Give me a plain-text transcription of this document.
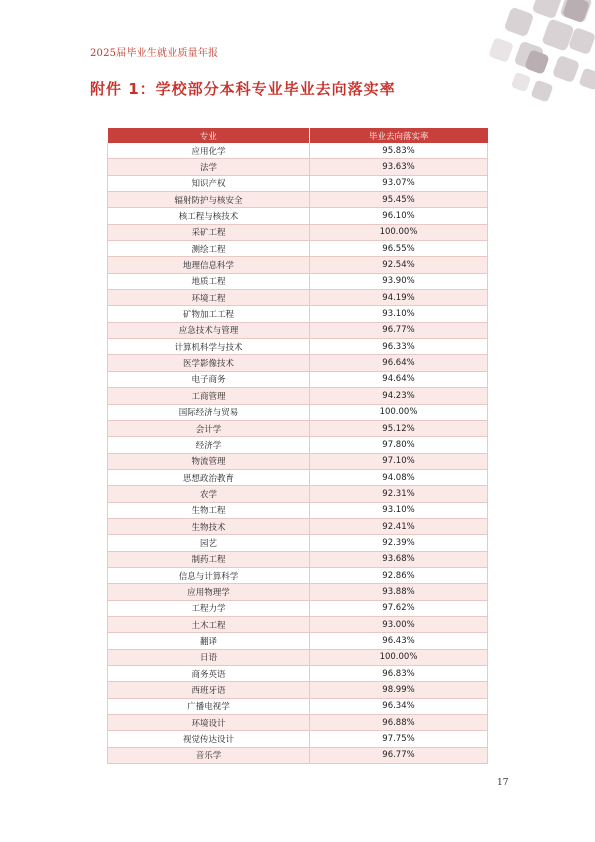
2025届毕业生就业质量年报
附件 1：学校部分本科专业毕业去向落实率
专业	毕业去向落实率
应用化学	95.83%
法学	93.63%
知识产权	93.07%
辐射防护与核安全	95.45%
核工程与核技术	96.10%
采矿工程	100.00%
测绘工程	96.55%
地理信息科学	92.54%
地质工程	93.90%
环境工程	94.19%
矿物加工工程	93.10%
应急技术与管理	96.77%
计算机科学与技术	96.33%
医学影像技术	96.64%
电子商务	94.64%
工商管理	94.23%
国际经济与贸易	100.00%
会计学	95.12%
经济学	97.80%
物流管理	97.10%
思想政治教育	94.08%
农学	92.31%
生物工程	93.10%
生物技术	92.41%
园艺	92.39%
制药工程	93.68%
信息与计算科学	92.86%
应用物理学	93.88%
工程力学	97.62%
土木工程	93.00%
翻译	96.43%
日语	100.00%
商务英语	96.83%
西班牙语	98.99%
广播电视学	96.34%
环境设计	96.88%
视觉传达设计	97.75%
音乐学	96.77%
17
